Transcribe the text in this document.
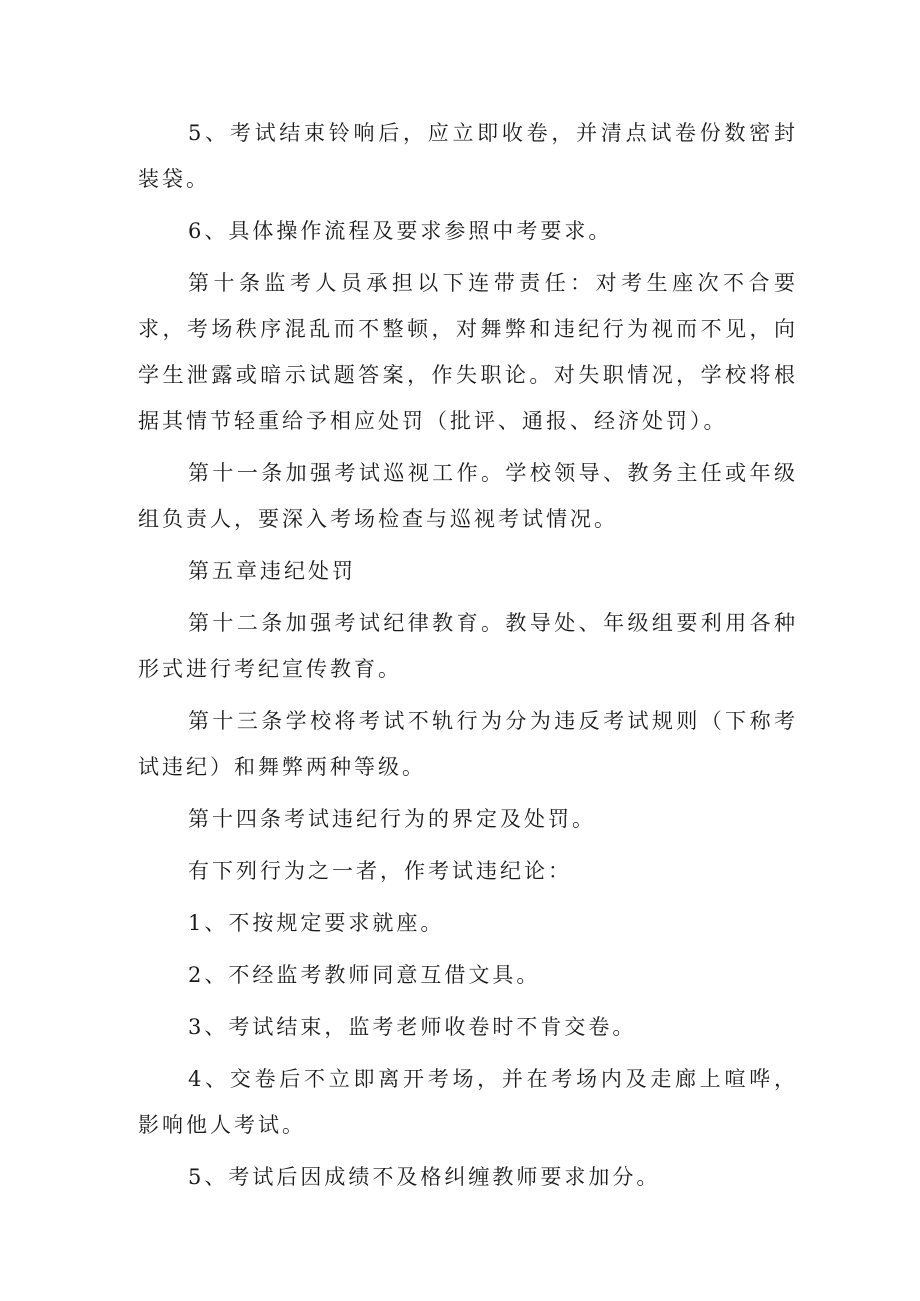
5、考试结束铃响后，应立即收卷，并清点试卷份数密封装袋。

6、具体操作流程及要求参照中考要求。

第十条监考人员承担以下连带责任：对考生座次不合要求，考场秩序混乱而不整顿，对舞弊和违纪行为视而不见，向学生泄露或暗示试题答案，作失职论。对失职情况，学校将根据其情节轻重给予相应处罚（批评、通报、经济处罚）。

第十一条加强考试巡视工作。学校领导、教务主任或年级组负责人，要深入考场检查与巡视考试情况。

第五章违纪处罚

第十二条加强考试纪律教育。教导处、年级组要利用各种形式进行考纪宣传教育。

第十三条学校将考试不轨行为分为违反考试规则（下称考试违纪）和舞弊两种等级。

第十四条考试违纪行为的界定及处罚。

有下列行为之一者，作考试违纪论：

1、不按规定要求就座。

2、不经监考教师同意互借文具。

3、考试结束，监考老师收卷时不肯交卷。

4、交卷后不立即离开考场，并在考场内及走廊上喧哗，影响他人考试。

5、考试后因成绩不及格纠缠教师要求加分。
